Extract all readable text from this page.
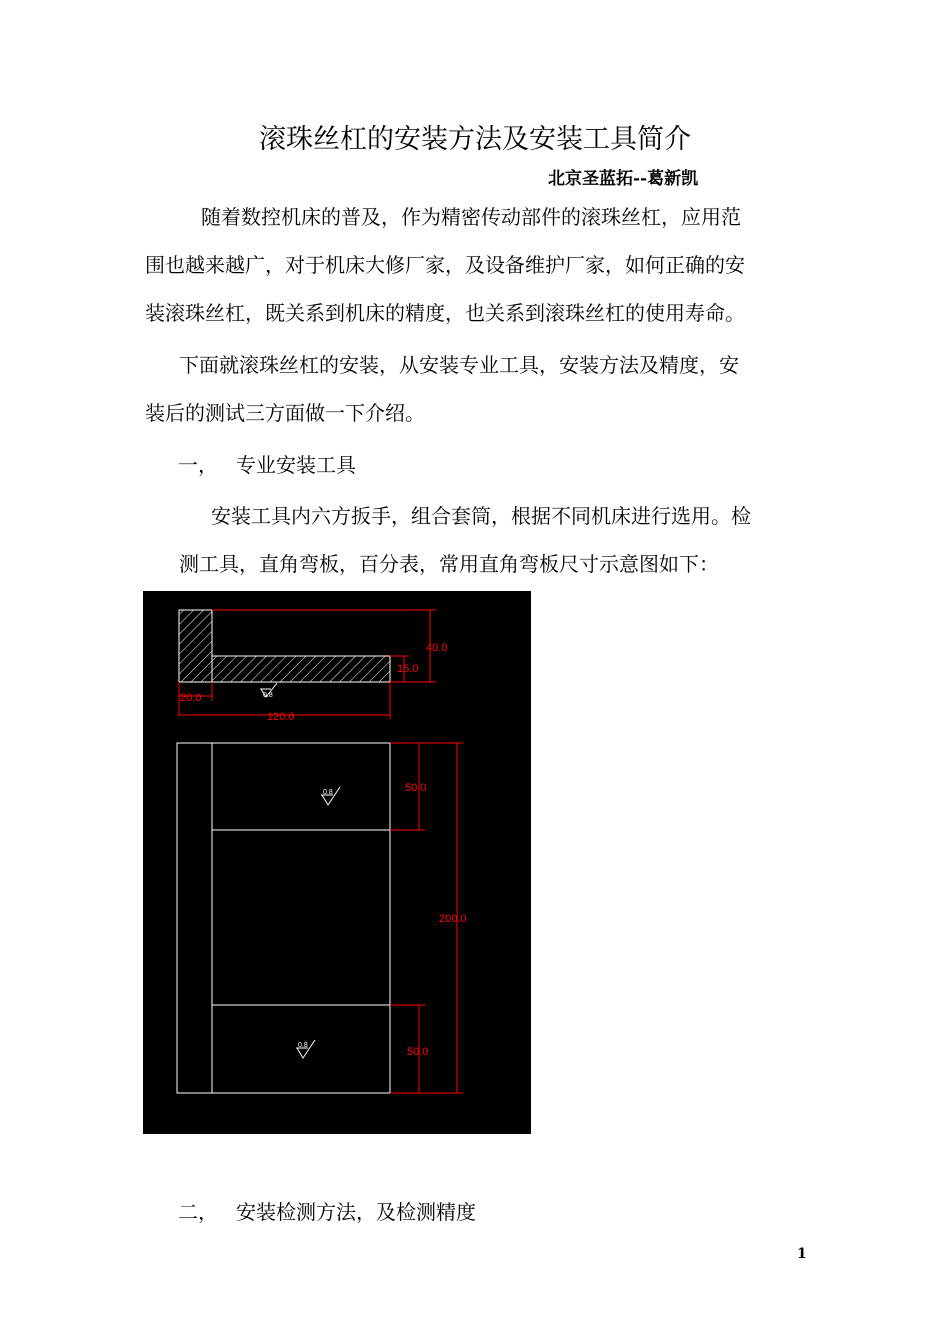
滚珠丝杠的安装方法及安装工具简介
北京圣蓝拓--葛新凯
随着数控机床的普及，作为精密传动部件的滚珠丝杠，应用范
围也越来越广，对于机床大修厂家，及设备维护厂家，如何正确的安
装滚珠丝杠，既关系到机床的精度，也关系到滚珠丝杠的使用寿命。
下面就滚珠丝杠的安装，从安装专业工具，安装方法及精度，安
装后的测试三方面做一下介绍。
一， 专业安装工具
安装工具内六方扳手，组合套筒，根据不同机床进行选用。检
测工具，直角弯板，百分表，常用直角弯板尺寸示意图如下：
40.0
15.0
20.0
120.0
0.8
50.0
200.0
50.0
0.8
0.8
二， 安装检测方法，及检测精度
1
